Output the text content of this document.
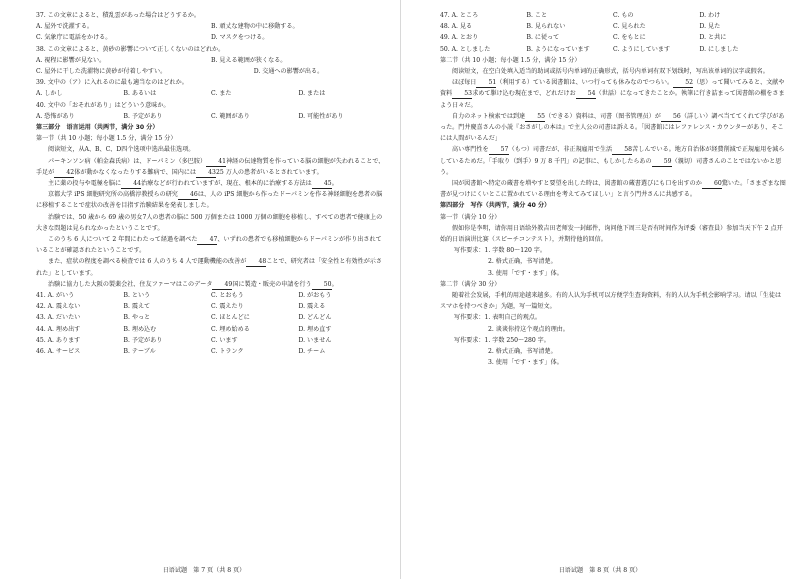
37. この文章によると、積乱雲があった場合はどうするか。

A. 屋外で洗濯する。	B. 頑丈な建物の中に移動する。
C. 気象庁に電話をかける。	D. マスクをつける。

38. この文章によると、黄砂の影響について正しくないのはどれか。

A. 視程に影響が見ない。	B. 見える範囲が狭くなる。
C. 屋外に干した洗濯物に黄砂が付着しやすい。	D. 交通への影響が出る。

39. 文中の（ア）に入れるのに最も適当なのはどれか。

A. しかし	B. あるいは	C. また	D. または

40. 文中の「おそれがあり」はどういう意味か。

A. 恐怖があり	B. 予定があり	C. 範囲があり	D. 可能性があり

第三部分　语言运用（共两节，满分 30 分）

第一节（共 10 小题；每小题 1.5 分，满分 15 分）

阅读短文，从A、B、C、D四个选项中选出最佳选项。

パーキンソン病（帕金森氏病）は、ドーパミン（多巴胺） 41神経の伝達物質を作っている脳の細胞が失われることで、手足が 42体が動かなくなったりする難病で、国内には 4325 万人の患者がいるとされています。

主に薬の投与や電極を脳に 44治療などが行われていますが、現在、根本的に治療する方法は 45。

京都大学 iPS 細胞研究所の高橋淳教授らの研究 46は、人の iPS 細胞から作ったドーパミンを作る神経細胞を患者の脳に移植することで症状の改善を目指す治験結果を発表しました。

治験では、50 歳から 69 歳の男女7人の患者の脳に 500 万個または 1000 万個の細胞を移植し、すべての患者で健康上の大きな問題は見られなかったということです。

このうち 6 人について 2 年間にわたって経過を調べた 47、いずれの患者でも移植細胞からドーパミンが作り出されていることが確認されたということです。

また、症状の程度を調べる検査では 6 人のうち 4 人で運動機能の改善が 48ことで、研究者は「安全性と有効性が示された」としています。

治験に協力した大阪の製薬会社、住友ファーマはこのデータ 49国に製造・販売の申請を行う 50。

41. A. がいう	B. という	C. とおもう	D. がおもう
42. A. 震えない	B. 震えて	C. 震えたり	D. 震える
43. A. だいたい	B. やっと	C. ほとんどに	D. どんどん
44. A. 埋め出す	B. 埋め込む	C. 埋め始める	D. 埋め直す
45. A. あります	B. 予定があり	C. います	D. いません
46. A. サービス	B. テーブル	C. トランク	D. チーム
日语试题　第 7 页（共 8 页）
47. A. ところ	B. こと	C. もの	D. わけ
48. A. 見る	B. 見られない	C. 見られた	D. 見た
49. A. とおり	B. に従って	C. をもとに	D. と共に
50. A. としました	B. ようになっています	C. ようにしています	D. にしました

第二节（共 10 小题；每小题 1.5 分，满分 15 分）

阅读短文，在空白处填入适当的助词或括号内单词的正确形式，括号内单词有双下划线时，写出该单词的汉字或假名。

ほぼ毎日 51（利用する）ている図書館は、いつ行っても休みなのでつらい。 52（思）って聞いてみると、文献や資料 53求めて駆け込む現在まで、どれだけお 54（世話）になってきたことか。執筆に行き詰まって図書館の棚をさまよう日々だ。

自力のネット検索では到達 55（できる）資料は、司書（图书管理员）が 56（詳しい）調べ当ててくれて学びがあった。門井慶喜さんの小説『おさがしの本は』で主人公の司書は訴える。「図書館にはレファレンス・カウンターがあり、そこには人間がいるんだ」

高い専門性を 57（もつ）司書だが、非正規雇用で生活 58苦しんでいる。地方自治体が経費削減で正規雇用を減らしているためだ。「手取り（到手）9 万 8 千円」の記事に、もしかしたらあの 59（親切）司書さんのことではないかと思う。

国が図書館へ特定の蔵書を増やすと要望を出した時は、図書館の蔵書選びにも口を出すのか 60驚いた。「さまざまな图書が見つけにくいとこに置かれている理由を考えてみてほしい」と言う門井さんに共感する。

第四部分　写作（共两节，满分 40 分）

第一节（满分 10 分）

假如你是李明，请你用日语给外教吉田老师发一封邮件，询问他下周三是否有时间作为评委（審査員）参加当天下午 2 点开始的日语演讲比赛（スピーチコンテスト），并期待他的回信。

写作要求：1. 字数 80～120 字。

2. 格式正确，书写清楚。

3. 使用「です・ます」体。

第二节（满分 30 分）

随着社会发展，手机的用途越来越多。有的人认为手机可以方便学生查询资料，有的人认为手机会影响学习。请以「生徒はスマホを持つべきか」为题，写一篇短文。

写作要求：1. 表明自己的观点。

2. 谈谈你持这个观点的理由。

写作要求：1. 字数 250～280 字。

2. 格式正确，书写清楚。

3. 使用「です・ます」体。

日语试题　第 8 页（共 8 页）
